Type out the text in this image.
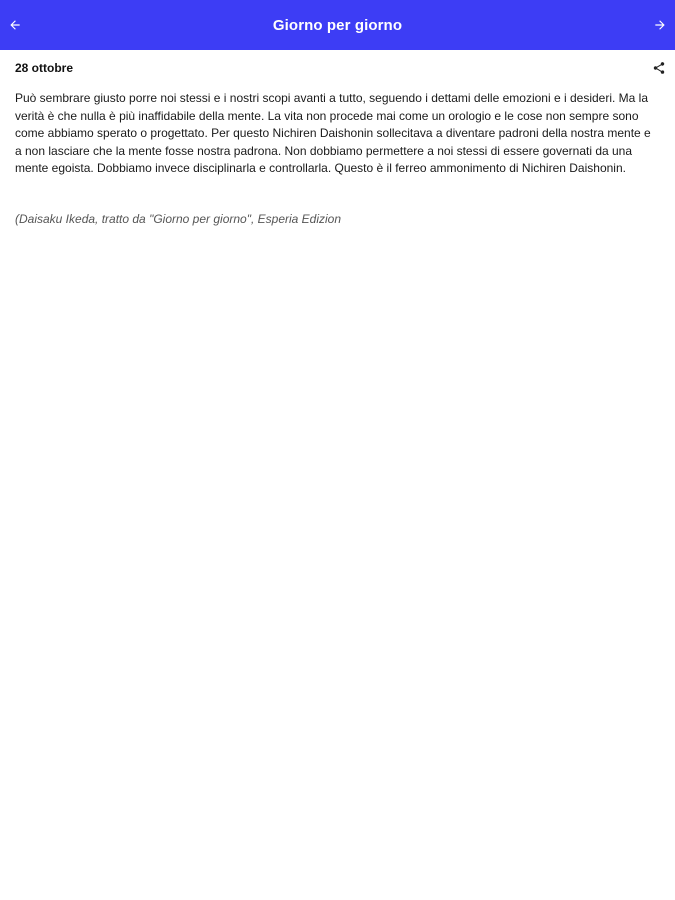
Giorno per giorno
28 ottobre

Può sembrare giusto porre noi stessi e i nostri scopi avanti a tutto, seguendo i dettami delle emozioni e i desideri. Ma la verità è che nulla è più inaffidabile della mente. La vita non procede mai come un orologio e le cose non sempre sono come abbiamo sperato o progettato. Per questo Nichiren Daishonin sollecitava a diventare padroni della nostra mente e a non lasciare che la mente fosse nostra padrona. Non dobbiamo permettere a noi stessi di essere governati da una mente egoista. Dobbiamo invece disciplinarla e controllarla. Questo è il ferreo ammonimento di Nichiren Daishonin.

(Daisaku Ikeda, tratto da "Giorno per giorno", Esperia Edizion
